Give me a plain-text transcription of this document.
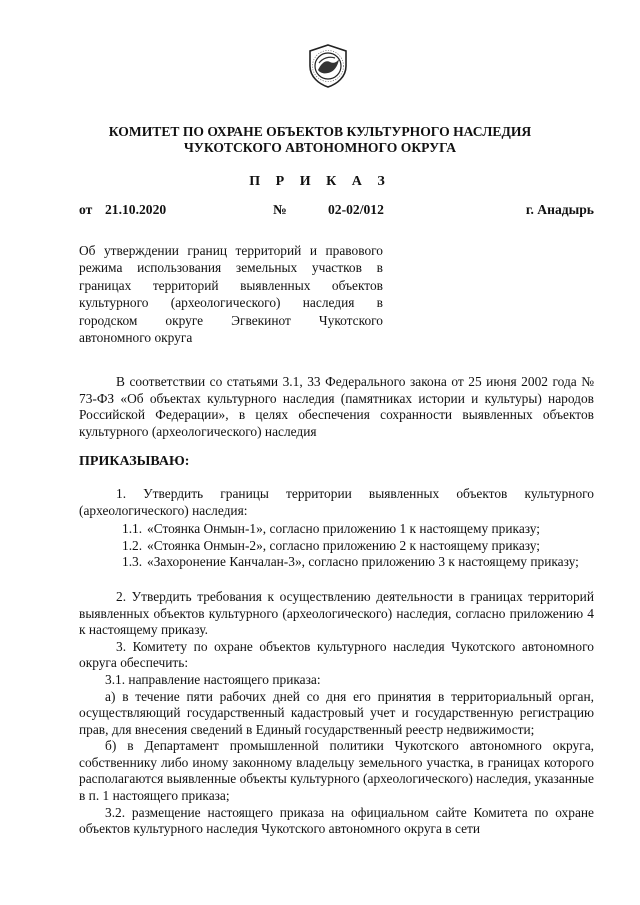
КОМИТЕТ ПО ОХРАНЕ ОБЪЕКТОВ КУЛЬТУРНОГО НАСЛЕДИЯ
ЧУКОТСКОГО АВТОНОМНОГО ОКРУГА
П Р И К А З
от 21.10.2020	№	02-02/012	г. Анадырь
Об утверждении границ территорий и правового режима использования земельных участков в границах территорий выявленных объектов культурного (археологического) наследия в городском округе Эгвекинот Чукотского автономного округа

В соответствии со статьями 3.1, 33 Федерального закона от 25 июня 2002 года № 73-ФЗ «Об объектах культурного наследия (памятниках истории и культуры) народов Российской Федерации», в целях обеспечения сохранности выявленных объектов культурного (археологического) наследия

ПРИКАЗЫВАЮ:

1. Утвердить границы территории выявленных объектов культурного (археологического) наследия:

1.1. «Стоянка Онмын-1», согласно приложению 1 к настоящему приказу;
1.2. «Стоянка Онмын-2», согласно приложению 2 к настоящему приказу;
1.3. «Захоронение Канчалан-3», согласно приложению 3 к настоящему приказу;

2. Утвердить требования к осуществлению деятельности в границах территорий выявленных объектов культурного (археологического) наследия, согласно приложению 4 к настоящему приказу.

3. Комитету по охране объектов культурного наследия Чукотского автономного округа обеспечить:

3.1. направление настоящего приказа:

а) в течение пяти рабочих дней со дня его принятия в территориальный орган, осуществляющий государственный кадастровый учет и государственную регистрацию прав, для внесения сведений в Единый государственный реестр недвижимости;

б) в Департамент промышленной политики Чукотского автономного округа, собственнику либо иному законному владельцу земельного участка, в границах которого располагаются выявленные объекты культурного (археологического) наследия, указанные в п. 1 настоящего приказа;

3.2. размещение настоящего приказа на официальном сайте Комитета по охране объектов культурного наследия Чукотского автономного округа в сети
